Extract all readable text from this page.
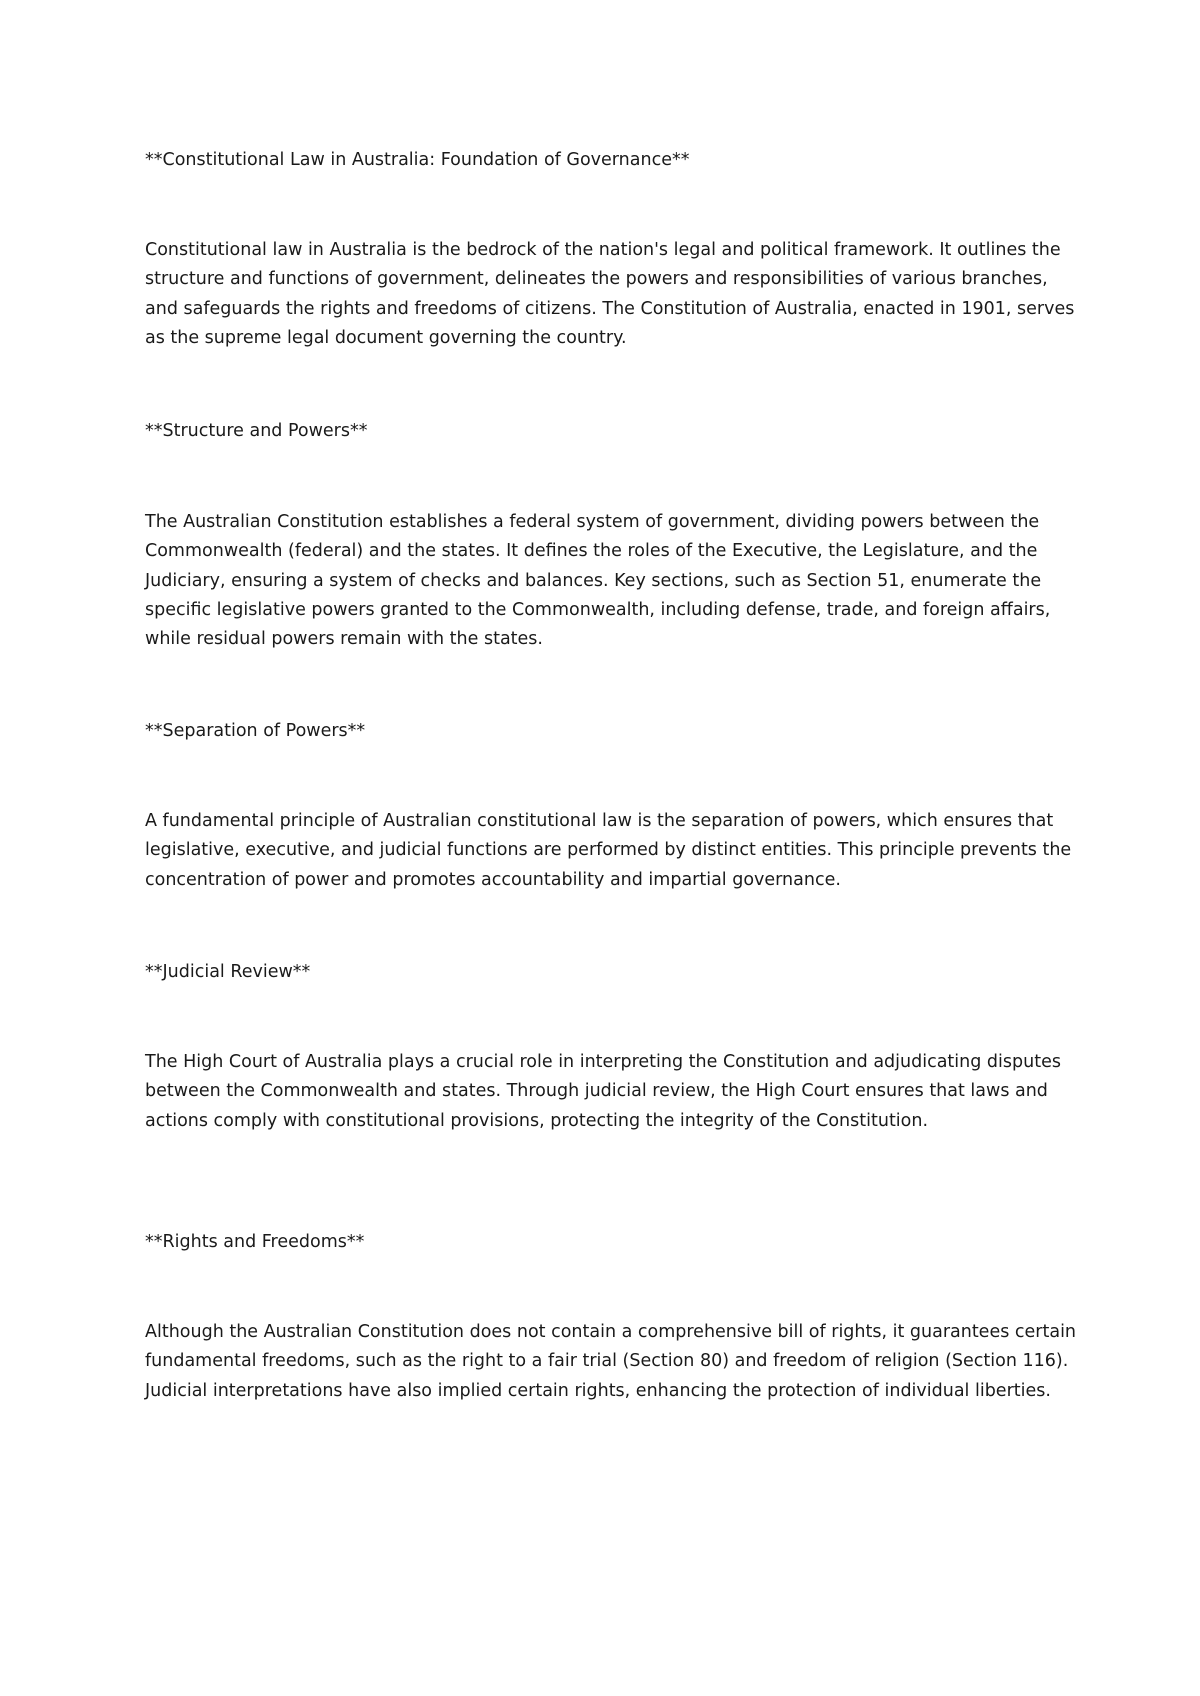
**Constitutional Law in Australia: Foundation of Governance**

Constitutional law in Australia is the bedrock of the nation's legal and political framework. It outlines the structure and functions of government, delineates the powers and responsibilities of various branches, and safeguards the rights and freedoms of citizens. The Constitution of Australia, enacted in 1901, serves as the supreme legal document governing the country.

**Structure and Powers**

The Australian Constitution establishes a federal system of government, dividing powers between the Commonwealth (federal) and the states. It defines the roles of the Executive, the Legislature, and the Judiciary, ensuring a system of checks and balances. Key sections, such as Section 51, enumerate the specific legislative powers granted to the Commonwealth, including defense, trade, and foreign affairs, while residual powers remain with the states.

**Separation of Powers**

A fundamental principle of Australian constitutional law is the separation of powers, which ensures that legislative, executive, and judicial functions are performed by distinct entities. This principle prevents the concentration of power and promotes accountability and impartial governance.

**Judicial Review**

The High Court of Australia plays a crucial role in interpreting the Constitution and adjudicating disputes between the Commonwealth and states. Through judicial review, the High Court ensures that laws and actions comply with constitutional provisions, protecting the integrity of the Constitution.

**Rights and Freedoms**

Although the Australian Constitution does not contain a comprehensive bill of rights, it guarantees certain fundamental freedoms, such as the right to a fair trial (Section 80) and freedom of religion (Section 116). Judicial interpretations have also implied certain rights, enhancing the protection of individual liberties.
